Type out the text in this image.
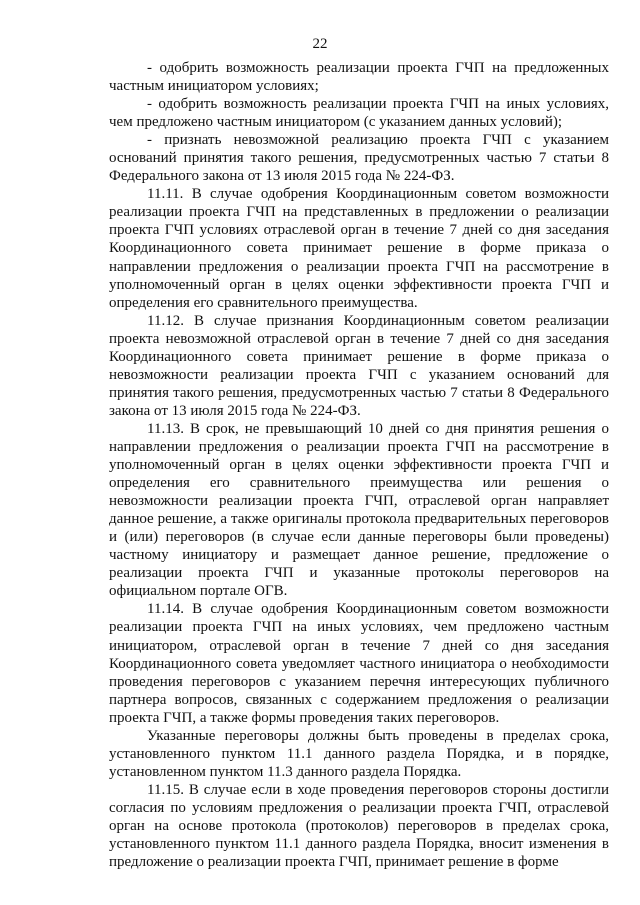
22

- одобрить возможность реализации проекта ГЧП на предложенных частным инициатором условиях;

- одобрить возможность реализации проекта ГЧП на иных условиях, чем предложено частным инициатором (с указанием данных условий);

- признать невозможной реализацию проекта ГЧП с указанием оснований принятия такого решения, предусмотренных частью 7 статьи 8 Федерального закона от 13 июля 2015 года № 224-ФЗ.

11.11. В случае одобрения Координационным советом возможности реализации проекта ГЧП на представленных в предложении о реализации проекта ГЧП условиях отраслевой орган в течение 7 дней со дня заседания Координационного совета принимает решение в форме приказа о направлении предложения о реализации проекта ГЧП на рассмотрение в уполномоченный орган в целях оценки эффективности проекта ГЧП и определения его сравнительного преимущества.

11.12. В случае признания Координационным советом реализации проекта невозможной отраслевой орган в течение 7 дней со дня заседания Координационного совета принимает решение в форме приказа о невозможности реализации проекта ГЧП с указанием оснований для принятия такого решения, предусмотренных частью 7 статьи 8 Федерального закона от 13 июля 2015 года № 224-ФЗ.

11.13. В срок, не превышающий 10 дней со дня принятия решения о направлении предложения о реализации проекта ГЧП на рассмотрение в уполномоченный орган в целях оценки эффективности проекта ГЧП и определения его сравнительного преимущества или решения о невозможности реализации проекта ГЧП, отраслевой орган направляет данное решение, а также оригиналы протокола предварительных переговоров и (или) переговоров (в случае если данные переговоры были проведены) частному инициатору и размещает данное решение, предложение о реализации проекта ГЧП и указанные протоколы переговоров на официальном портале ОГВ.

11.14. В случае одобрения Координационным советом возможности реализации проекта ГЧП на иных условиях, чем предложено частным инициатором, отраслевой орган в течение 7 дней со дня заседания Координационного совета уведомляет частного инициатора о необходимости проведения переговоров с указанием перечня интересующих публичного партнера вопросов, связанных с содержанием предложения о реализации проекта ГЧП, а также формы проведения таких переговоров.

Указанные переговоры должны быть проведены в пределах срока, установленного пунктом 11.1 данного раздела Порядка, и в порядке, установленном пунктом 11.3 данного раздела Порядка.

11.15. В случае если в ходе проведения переговоров стороны достигли согласия по условиям предложения о реализации проекта ГЧП, отраслевой орган на основе протокола (протоколов) переговоров в пределах срока, установленного пунктом 11.1 данного раздела Порядка, вносит изменения в предложение о реализации проекта ГЧП, принимает решение в форме
